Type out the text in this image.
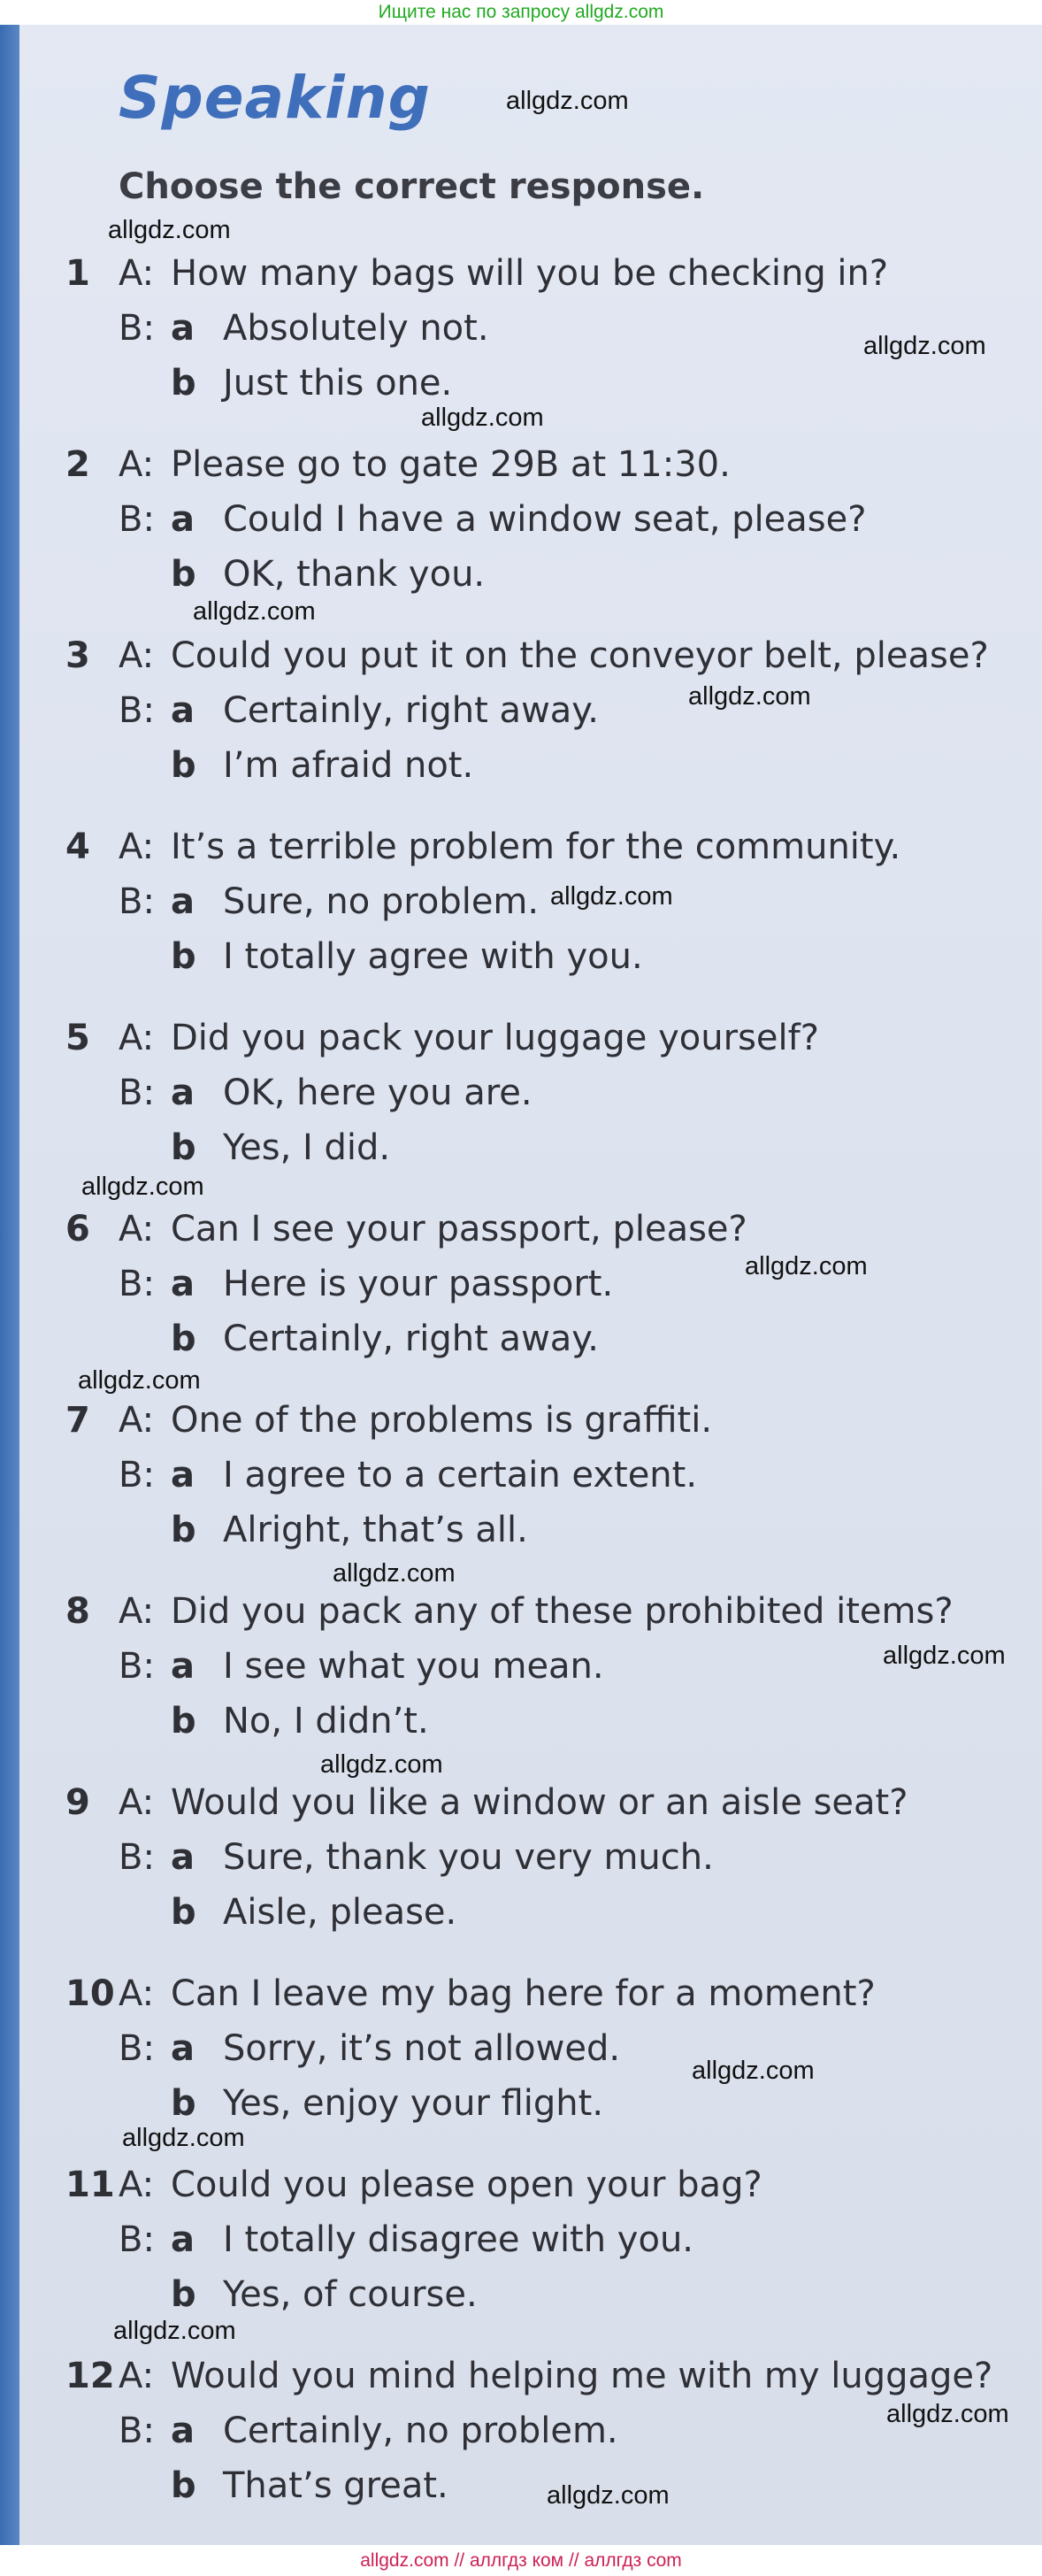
Ищите нас по запросу allgdz.com
Speaking

Choose the correct response.

1 A: How many bags will you be checking in?
B: a Absolutely not.
b Just this one.
2 A: Please go to gate 29B at 11:30.
B: a Could I have a window seat, please?
b OK, thank you.
3 A: Could you put it on the conveyor belt, please?
B: a Certainly, right away.
b I’m afraid not.
4 A: It’s a terrible problem for the community.
B: a Sure, no problem.
b I totally agree with you.
5 A: Did you pack your luggage yourself?
B: a OK, here you are.
b Yes, I did.
6 A: Can I see your passport, please?
B: a Here is your passport.
b Certainly, right away.
7 A: One of the problems is graffiti.
B: a I agree to a certain extent.
b Alright, that’s all.
8 A: Did you pack any of these prohibited items?
B: a I see what you mean.
b No, I didn’t.
9 A: Would you like a window or an aisle seat?
B: a Sure, thank you very much.
b Aisle, please.
10 A: Can I leave my bag here for a moment?
B: a Sorry, it’s not allowed.
b Yes, enjoy your flight.
11 A: Could you please open your bag?
B: a I totally disagree with you.
b Yes, of course.
12 A: Would you mind helping me with my luggage?
B: a Certainly, no problem.
b That’s great.
allgdz.com
allgdz.com
allgdz.com
allgdz.com
allgdz.com
allgdz.com
allgdz.com
allgdz.com
allgdz.com
allgdz.com
allgdz.com
allgdz.com
allgdz.com
allgdz.com
allgdz.com
allgdz.com
allgdz.com
allgdz.com
allgdz.com // аллгдз ком // аллгдз com
